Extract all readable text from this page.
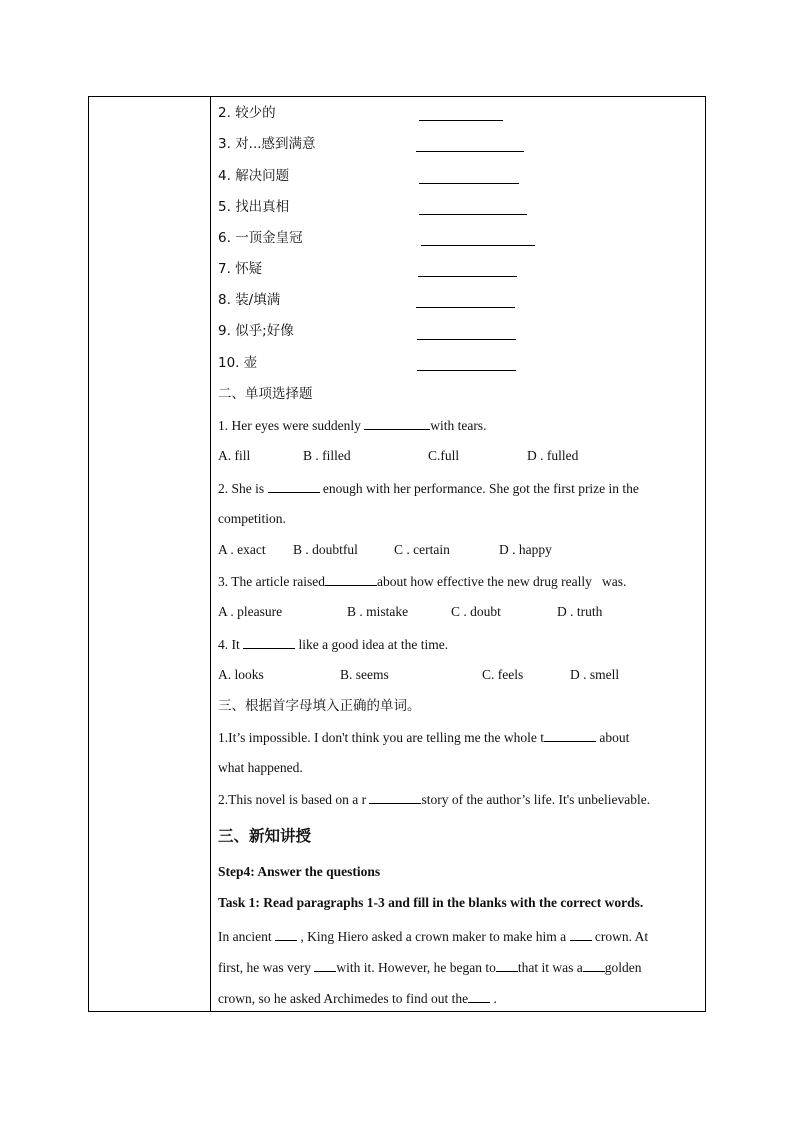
2. 较少的
3. 对...感到满意
4. 解决问题
5. 找出真相
6. 一顶金皇冠
7. 怀疑
8. 装/填满
9. 似乎;好像
10. 壶
二、单项选择题
1. Her eyes were suddenly	with tears.
A. fill	B . filled	C.full	D . fulled
2. She is	enough with her performance. She got the first prize in the
competition.
A . exact B . doubtful	C . certain	D . happy
3. The article raised	about how effective the new drug really was.
A . pleasure	B . mistake	C . doubt	D . truth
4. It	like a good idea at the time.
A. looks	B. seems	C. feels	D . smell
三、根据首字母填入正确的单词。
1.It’s impossible. I don't think you are telling me the whole t	about
what happened.
2.This novel is based on a r	story of the author’s life. It's unbelievable.
三、新知讲授
Step4: Answer the questions
Task 1: Read paragraphs 1-3 and fill in the blanks with the correct words.
In ancient , King Hiero asked a crown maker to make him a crown. At
first, he was very with it. However, he began to that it was a golden
crown, so he asked Archimedes to find out the .
